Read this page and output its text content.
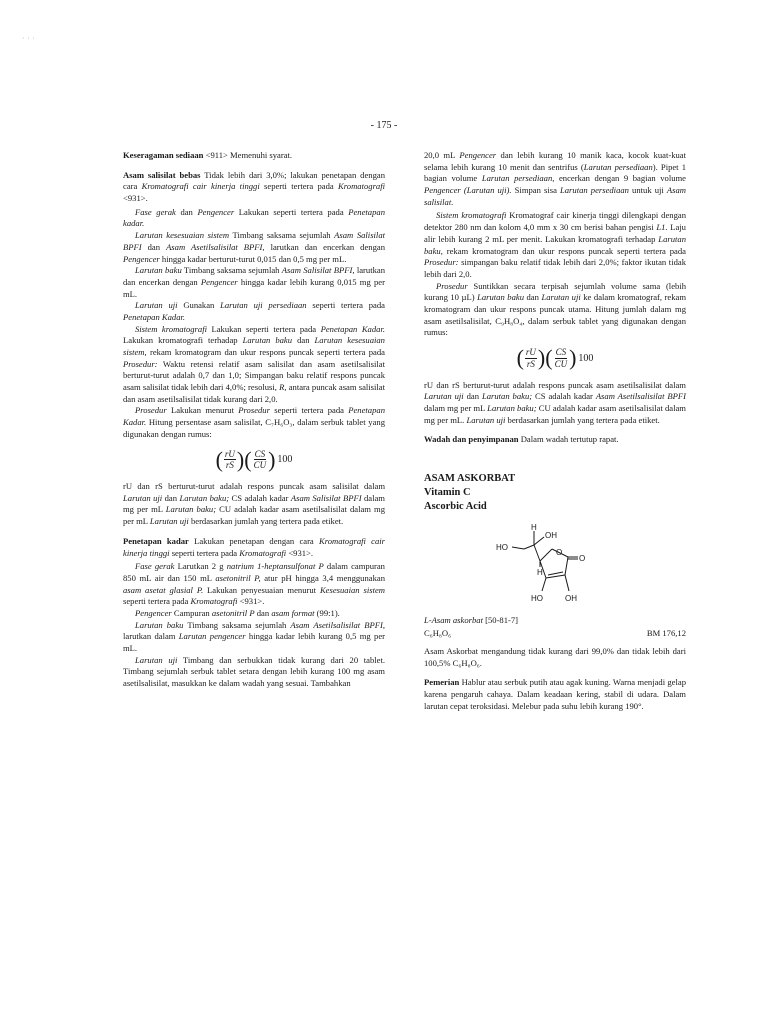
· · ·
- 175 -

Keseragaman sediaan <911> Memenuhi syarat.

Asam salisilat bebas Tidak lebih dari 3,0%; lakukan penetapan dengan cara Kromatografi cair kinerja tinggi seperti tertera pada Kromatografi <931>.

Fase gerak dan Pengencer Lakukan seperti tertera pada Penetapan kadar.

Larutan kesesuaian sistem Timbang saksama sejumlah Asam Salisilat BPFI dan Asam Asetilsalisilat BPFI, larutkan dan encerkan dengan Pengencer hingga kadar berturut-turut 0,015 dan 0,5 mg per mL.

Larutan baku Timbang saksama sejumlah Asam Salisilat BPFI, larutkan dan encerkan dengan Pengencer hingga kadar lebih kurang 0,015 mg per mL.

Larutan uji Gunakan Larutan uji persediaan seperti tertera pada Penetapan Kadar.

Sistem kromatografi Lakukan seperti tertera pada Penetapan Kadar. Lakukan kromatografi terhadap Larutan baku dan Larutan kesesuaian sistem, rekam kromatogram dan ukur respons puncak seperti tertera pada Prosedur: Waktu retensi relatif asam salisilat dan asam asetilsalisilat berturut-turut adalah 0,7 dan 1,0; Simpangan baku relatif respons puncak asam salisilat tidak lebih dari 4,0%; resolusi, R, antara puncak asam salisilat dan asam asetilsalisilat tidak kurang dari 2,0.

Prosedur Lakukan menurut Prosedur seperti tertera pada Penetapan Kadar. Hitung persentase asam salisilat, C₇H₆O₃, dalam serbuk tablet yang digunakan dengan rumus:

( $\frac{rU}{rS}$ ) ( $\frac{CS}{CU}$ ) 100

rU dan rS berturut-turut adalah respons puncak asam salisilat dalam Larutan uji dan Larutan baku; CS adalah kadar Asam Salisilat BPFI dalam mg per mL Larutan baku; CU adalah kadar asam asetilsalisilat dalam mg per mL Larutan uji berdasarkan jumlah yang tertera pada etiket.

Penetapan kadar Lakukan penetapan dengan cara Kromatografi cair kinerja tinggi seperti tertera pada Kromatografi <931>.

Fase gerak Larutkan 2 g natrium 1-heptansulfonat P dalam campuran 850 mL air dan 150 mL asetonitril P, atur pH hingga 3,4 menggunakan asam asetat glasial P. Lakukan penyesuaian menurut Kesesuaian sistem seperti tertera pada Kromatografi <931>.

Pengencer Campuran asetonitril P dan asam format (99:1).

Larutan baku Timbang saksama sejumlah Asam Asetilsalisilat BPFI, larutkan dalam Larutan pengencer hingga kadar lebih kurang 0,5 mg per mL.

Larutan uji Timbang dan serbukkan tidak kurang dari 20 tablet. Timbang sejumlah serbuk tablet setara dengan lebih kurang 100 mg asam asetilsalisilat, masukkan ke dalam wadah yang sesuai. Tambahkan

20,0 mL Pengencer dan lebih kurang 10 manik kaca, kocok kuat-kuat selama lebih kurang 10 menit dan sentrifus (Larutan persediaan). Pipet 1 bagian volume Larutan persediaan, encerkan dengan 9 bagian volume Pengencer (Larutan uji). Simpan sisa Larutan persediaan untuk uji Asam salisilat.

Sistem kromatografi Kromatograf cair kinerja tinggi dilengkapi dengan detektor 280 nm dan kolom 4,0 mm x 30 cm berisi bahan pengisi L1. Laju alir lebih kurang 2 mL per menit. Lakukan kromatografi terhadap Larutan baku, rekam kromatogram dan ukur respons puncak seperti tertera pada Prosedur: simpangan baku relatif tidak lebih dari 2,0%; faktor ikutan tidak lebih dari 2,0.

Prosedur Suntikkan secara terpisah sejumlah volume sama (lebih kurang 10 µL) Larutan baku dan Larutan uji ke dalam kromatograf, rekam kromatogram dan ukur respons puncak utama. Hitung jumlah dalam mg asam asetilsalisilat, C₉H₈O₄, dalam serbuk tablet yang digunakan dengan rumus:

( $\frac{rU}{rS}$ ) ( $\frac{CS}{CU}$ ) 100

rU dan rS berturut-turut adalah respons puncak asam asetilsalisilat dalam Larutan uji dan Larutan baku; CS adalah kadar Asam Asetilsalisilat BPFI dalam mg per mL Larutan baku; CU adalah kadar asam asetilsalisilat dalam mg per mL. Larutan uji berdasarkan jumlah yang tertera pada etiket.

Wadah dan penyimpanan Dalam wadah tertutup rapat.

ASAM ASKORBAT

Vitamin C

Ascorbic Acid

H
OH
HO
O
O
H
HO	OH

L-Asam askorbat [50-81-7]

C₆H₈O₆	BM 176,12

Asam Askorbat mengandung tidak kurang dari 99,0% dan tidak lebih dari 100,5% C₆H₈O₆.

Pemerian Hablur atau serbuk putih atau agak kuning. Warna menjadi gelap karena pengaruh cahaya. Dalam keadaan kering, stabil di udara. Dalam larutan cepat teroksidasi. Melebur pada suhu lebih kurang 190°.
